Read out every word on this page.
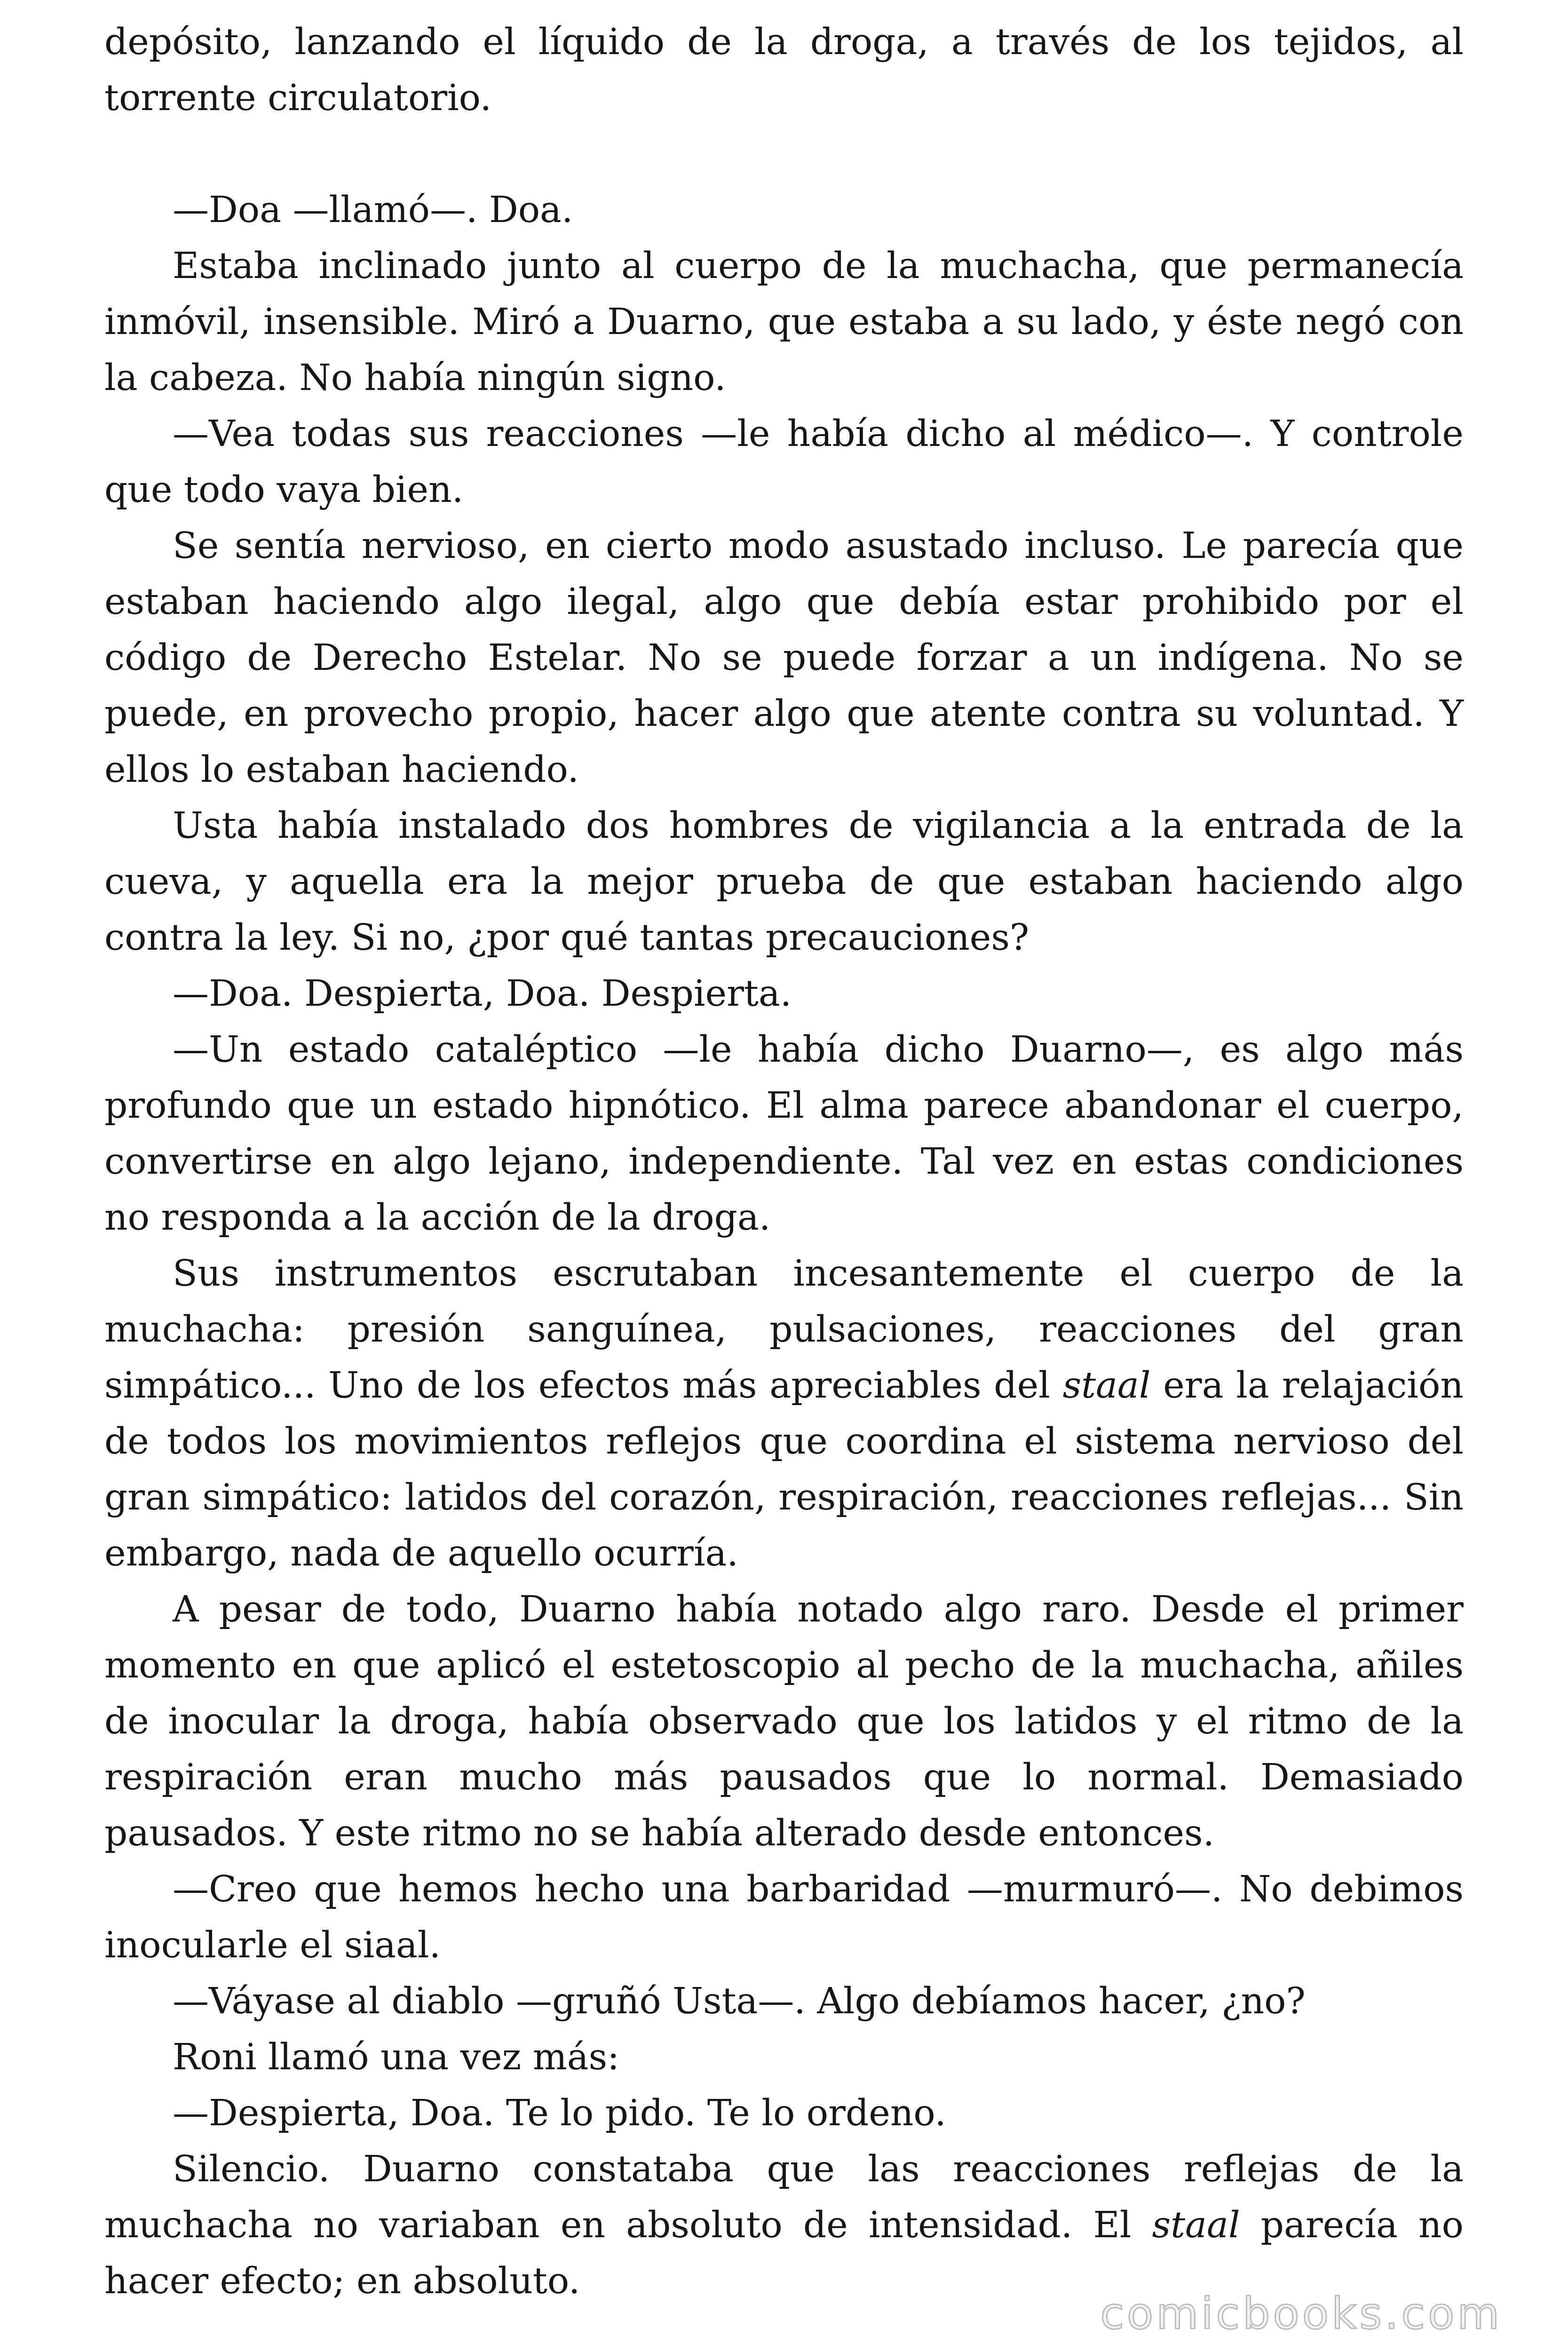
depósito, lanzando el líquido de la droga, a través de los tejidos, al torrente circulatorio.

—Doa —llamó—. Doa.

Estaba inclinado junto al cuerpo de la muchacha, que permanecía inmóvil, insensible. Miró a Duarno, que estaba a su lado, y éste negó con la cabeza. No había ningún signo.

—Vea todas sus reacciones —le había dicho al médico—. Y controle que todo vaya bien.

Se sentía nervioso, en cierto modo asustado incluso. Le parecía que estaban haciendo algo ilegal, algo que debía estar prohibido por el código de Derecho Estelar. No se puede forzar a un indígena. No se puede, en provecho propio, hacer algo que atente contra su voluntad. Y ellos lo estaban haciendo.

Usta había instalado dos hombres de vigilancia a la entrada de la cueva, y aquella era la mejor prueba de que estaban haciendo algo contra la ley. Si no, ¿por qué tantas precauciones?

—Doa. Despierta, Doa. Despierta.

—Un estado cataléptico —le había dicho Duarno—, es algo más profundo que un estado hipnótico. El alma parece abandonar el cuerpo, convertirse en algo lejano, independiente. Tal vez en estas condiciones no responda a la acción de la droga.

Sus instrumentos escrutaban incesantemente el cuerpo de la muchacha: presión sanguínea, pulsaciones, reacciones del gran simpático... Uno de los efectos más apreciables del staal era la relajación de todos los movimientos reflejos que coordina el sistema nervioso del gran simpático: latidos del corazón, respiración, reacciones reflejas... Sin embargo, nada de aquello ocurría.

A pesar de todo, Duarno había notado algo raro. Desde el primer momento en que aplicó el estetoscopio al pecho de la muchacha, añiles de inocular la droga, había observado que los latidos y el ritmo de la respiración eran mucho más pausados que lo normal. Demasiado pausados. Y este ritmo no se había alterado desde entonces.

—Creo que hemos hecho una barbaridad —murmuró—. No debimos inocularle el siaal.

—Váyase al diablo —gruñó Usta—. Algo debíamos hacer, ¿no?

Roni llamó una vez más:

—Despierta, Doa. Te lo pido. Te lo ordeno.

Silencio. Duarno constataba que las reacciones reflejas de la muchacha no variaban en absoluto de intensidad. El staal parecía no hacer efecto; en absoluto.

comicbooks.com
